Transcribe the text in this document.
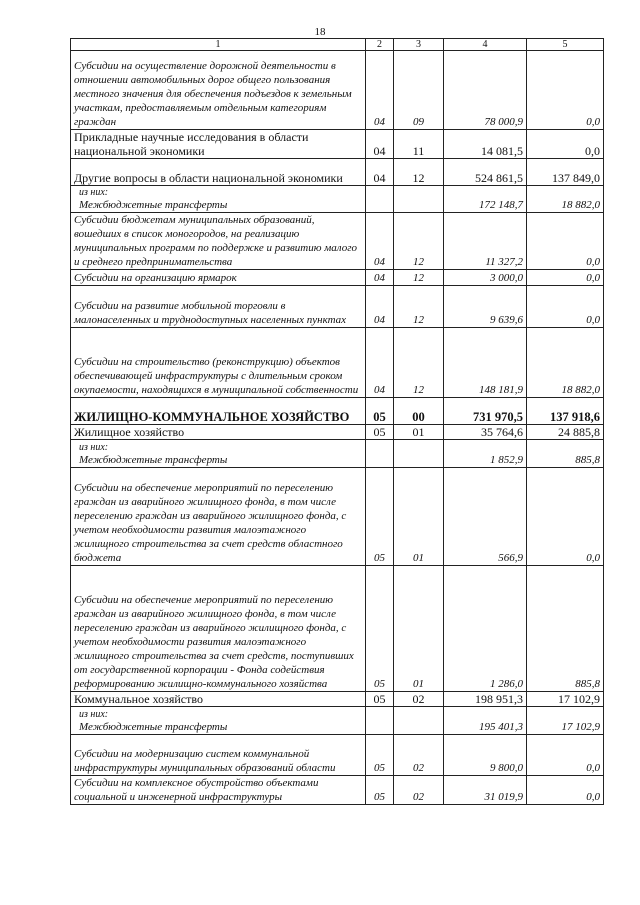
18
1	2	3	4	5
Субсидии на осуществление дорожной деятельности в отношении автомобильных дорог общего пользования местного значения для обеспечения подъездов к земельным участкам, предоставляемым отдельным категориям граждан	04	09	78 000,9	0,0
Прикладные научные исследования в области национальной экономики	04	11	14 081,5	0,0
Другие вопросы в области национальной экономики	04	12	524 861,5	137 849,0

из них:
Межбюджетные трансферты			172 148,7	18 882,0
Субсидии бюджетам муниципальных образований, вошедших в список моногородов, на реализацию муниципальных программ по поддержке и развитию малого и среднего предпринимательства	04	12	11 327,2	0,0
Субсидии на организацию ярмарок	04	12	3 000,0	0,0
Субсидии на развитие мобильной торговли в малонаселенных и труднодоступных населенных пунктах	04	12	9 639,6	0,0
Субсидии на строительство (реконструкцию) объектов обеспечивающей инфраструктуры с длительным сроком окупаемости, находящихся в муниципальной собственности	04	12	148 181,9	18 882,0
ЖИЛИЩНО-КОММУНАЛЬНОЕ ХОЗЯЙСТВО	05	00	731 970,5	137 918,6
Жилищное хозяйство	05	01	35 764,6	24 885,8

из них:
Межбюджетные трансферты			1 852,9	885,8
Субсидии на обеспечение мероприятий по переселению граждан из аварийного жилищного фонда, в том числе переселению граждан из аварийного жилищного фонда, с учетом необходимости развития малоэтажного жилищного строительства за счет средств областного бюджета	05	01	566,9	0,0
Субсидии на обеспечение мероприятий по переселению граждан из аварийного жилищного фонда, в том числе переселению граждан из аварийного жилищного фонда, с учетом необходимости развития малоэтажного жилищного строительства за счет средств, поступивших от государственной корпорации - Фонда содействия реформированию жилищно-коммунального хозяйства	05	01	1 286,0	885,8
Коммунальное хозяйство	05	02	198 951,3	17 102,9

из них:
Межбюджетные трансферты			195 401,3	17 102,9
Субсидии на модернизацию систем коммунальной инфраструктуры муниципальных образований области	05	02	9 800,0	0,0
Субсидии на комплексное обустройство объектами социальной и инженерной инфраструктуры	05	02	31 019,9	0,0
